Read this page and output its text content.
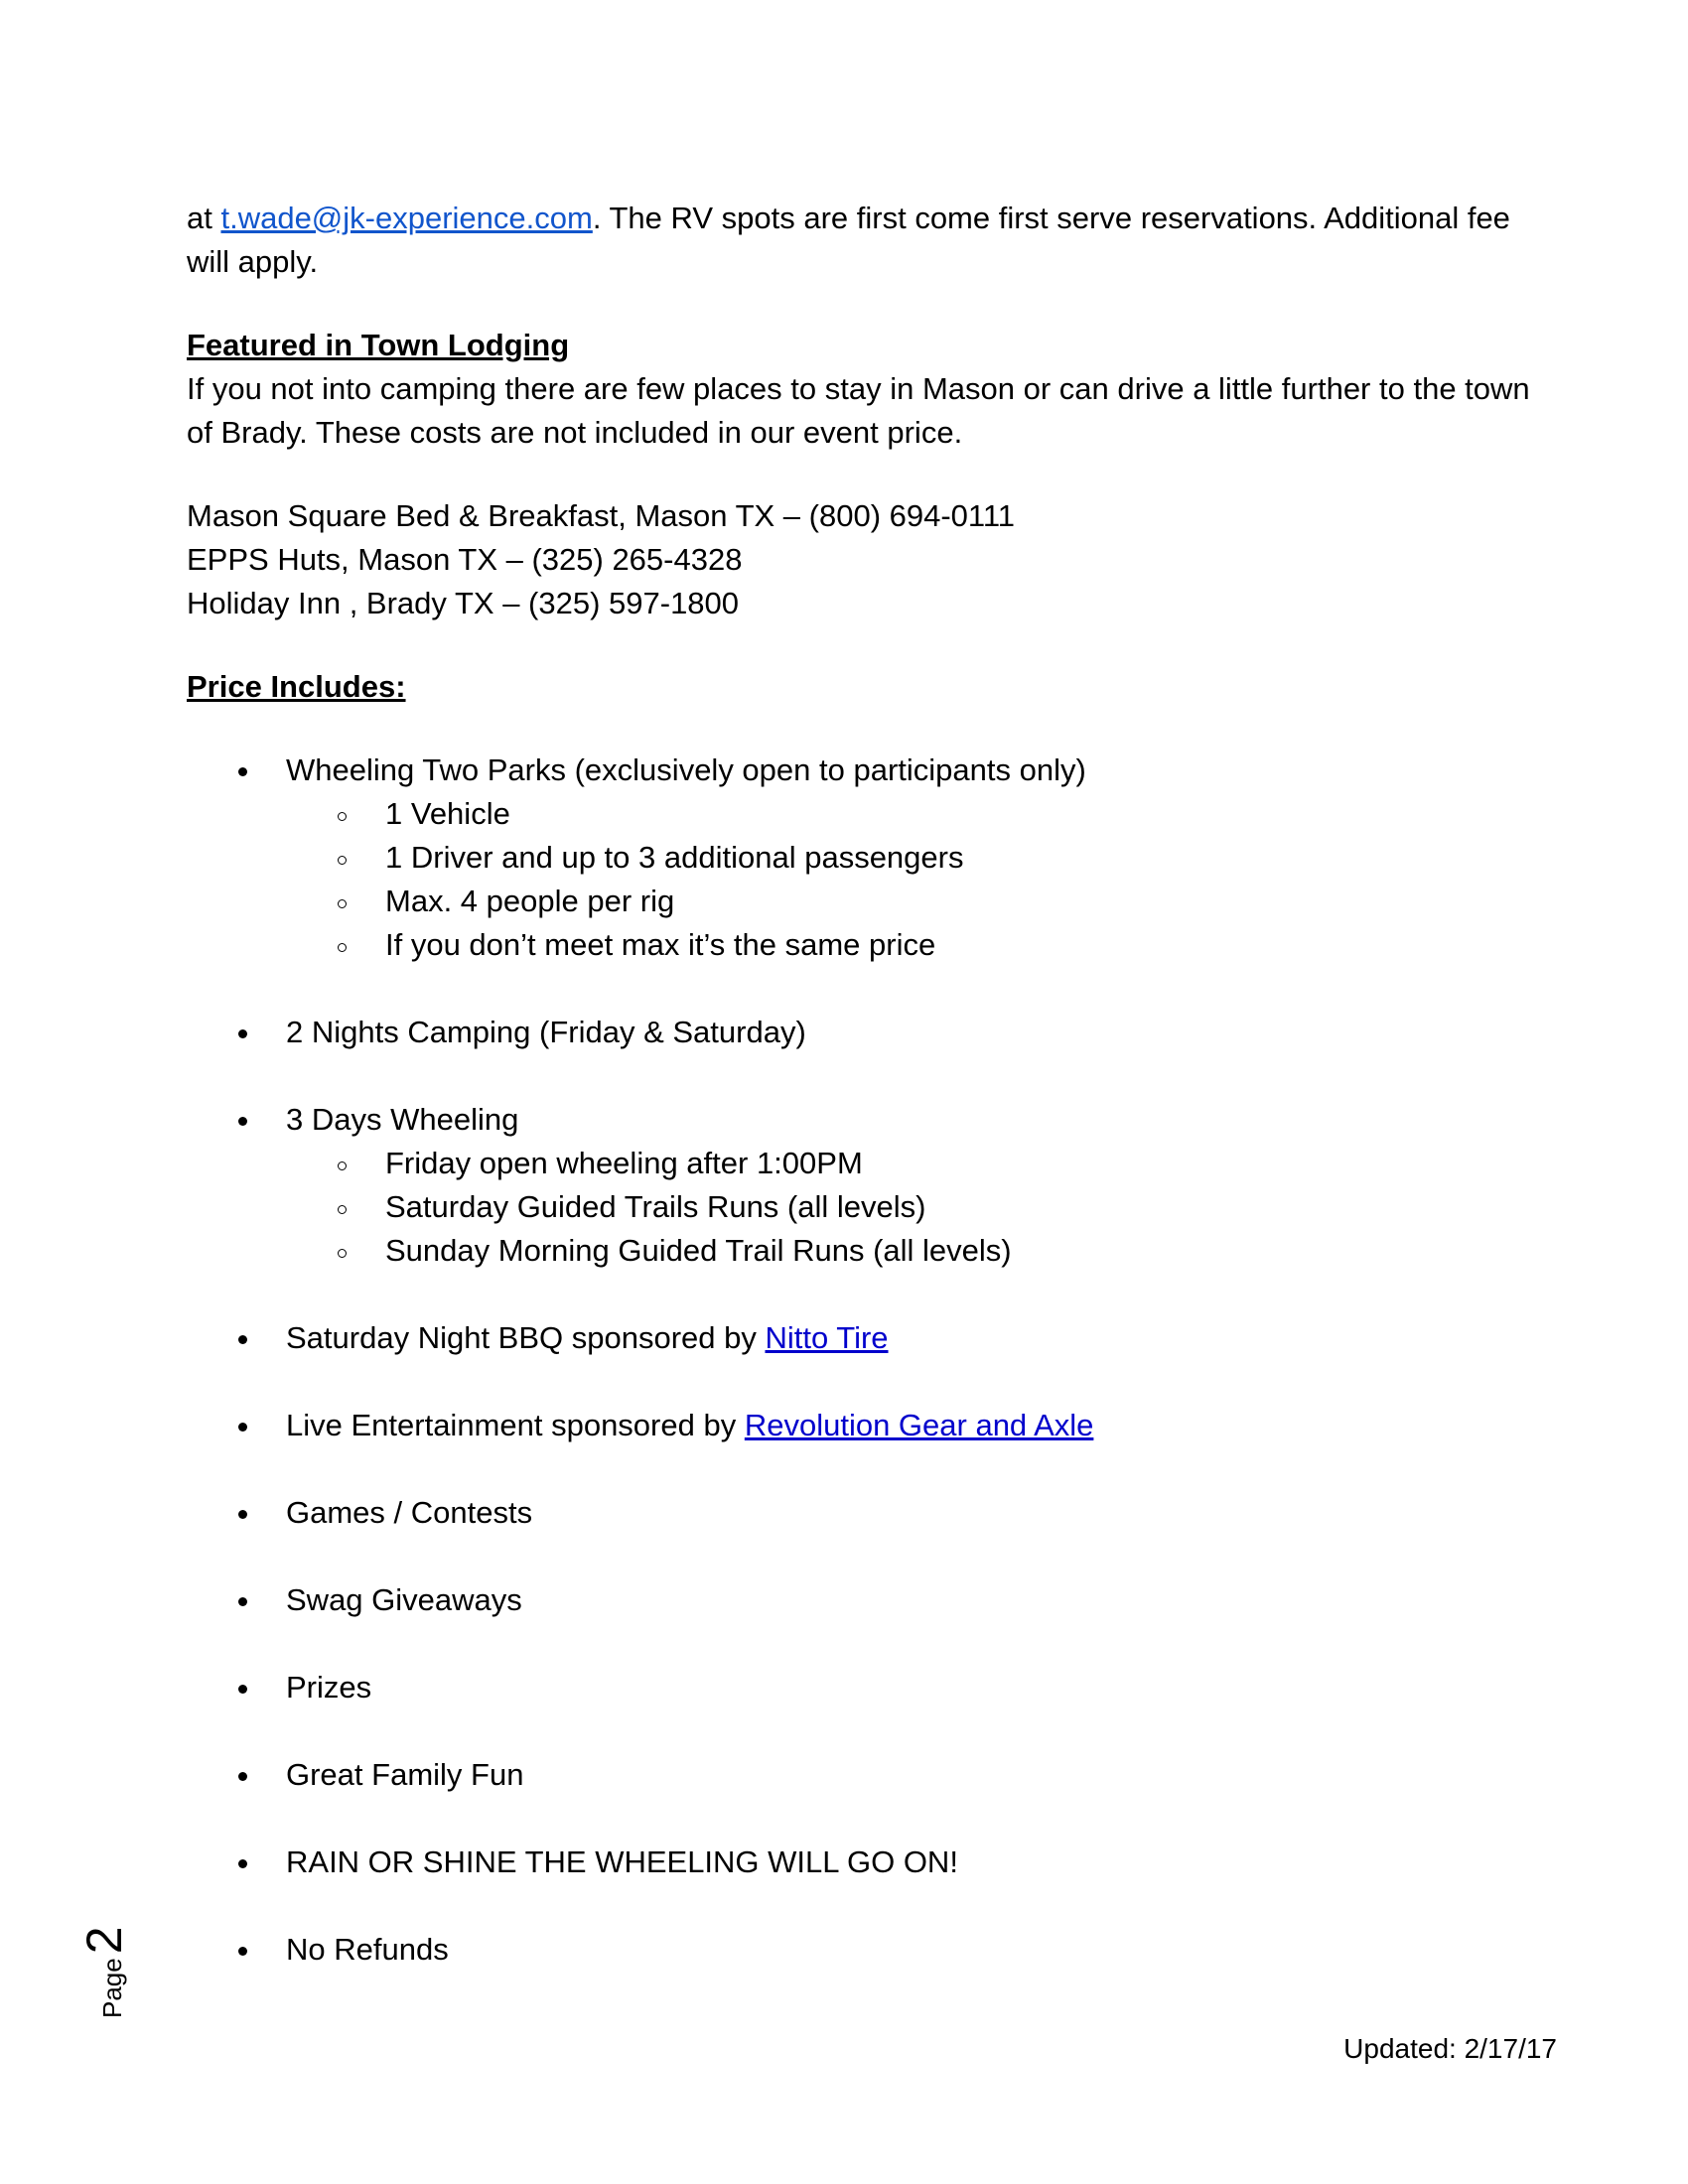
at t.wade@jk-experience.com. The RV spots are first come first serve reservations. Additional fee will apply.

Featured in Town Lodging

If you not into camping there are few places to stay in Mason or can drive a little further to the town of Brady. These costs are not included in our event price.

Mason Square Bed & Breakfast, Mason TX – (800) 694-0111

EPPS Huts, Mason TX – (325) 265-4328

Holiday Inn , Brady TX – (325) 597-1800

Price Includes:

Wheeling Two Parks (exclusively open to participants only)
1 Vehicle
1 Driver and up to 3 additional passengers
Max. 4 people per rig
If you don’t meet max it’s the same price
2 Nights Camping (Friday & Saturday)
3 Days Wheeling
Friday open wheeling after 1:00PM
Saturday Guided Trails Runs (all levels)
Sunday Morning Guided Trail Runs (all levels)
Saturday Night BBQ sponsored by Nitto Tire
Live Entertainment sponsored by Revolution Gear and Axle
Games / Contests
Swag Giveaways
Prizes
Great Family Fun
RAIN OR SHINE THE WHEELING WILL GO ON!
No Refunds
Page
2
Updated: 2/17/17
